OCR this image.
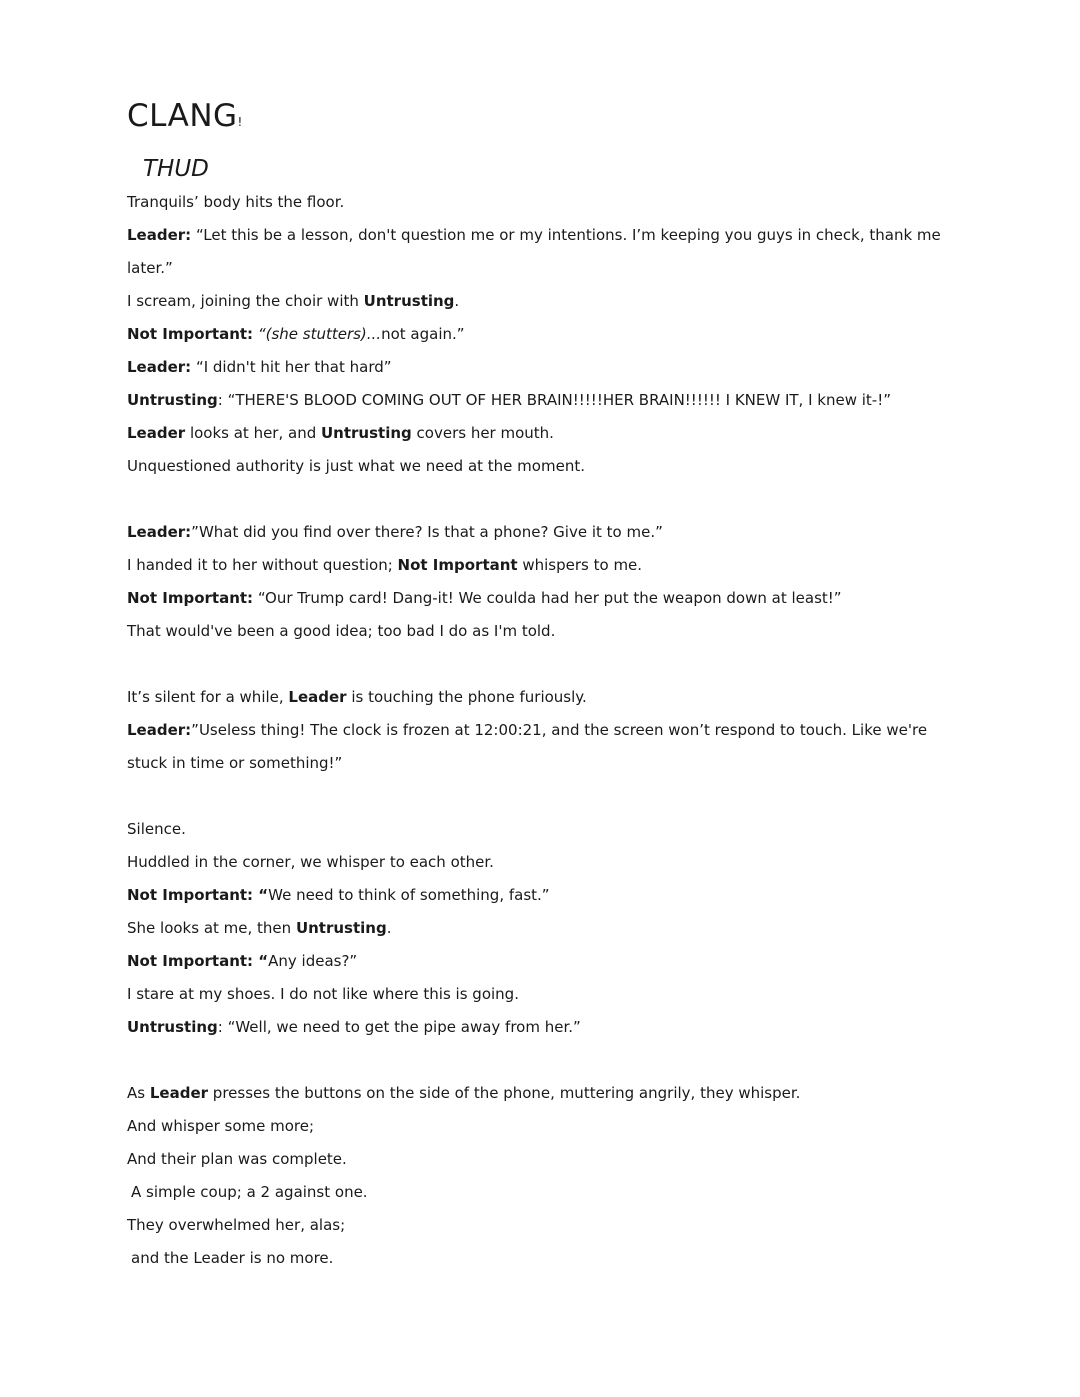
CLANG!
THUD

Tranquils’ body hits the floor.

Leader: “Let this be a lesson, don't question me or my intentions. I’m keeping you guys in check, thank me later.”

I scream, joining the choir with Untrusting.

Not Important: “(she stutters)...not again.”

Leader: “I didn't hit her that hard”

Untrusting: “THERE'S BLOOD COMING OUT OF HER BRAIN!!!!!HER BRAIN!!!!!! I KNEW IT, I knew it-!”

Leader looks at her, and Untrusting covers her mouth.

Unquestioned authority is just what we need at the moment.

Leader:”What did you find over there? Is that a phone? Give it to me.”

I handed it to her without question; Not Important whispers to me.

Not Important: “Our Trump card! Dang-it! We coulda had her put the weapon down at least!”

That would've been a good idea; too bad I do as I'm told.

It’s silent for a while, Leader is touching the phone furiously.

Leader:”Useless thing! The clock is frozen at 12:00:21, and the screen won’t respond to touch. Like we're stuck in time or something!”

Silence.

Huddled in the corner, we whisper to each other.

Not Important: “We need to think of something, fast.”

She looks at me, then Untrusting.

Not Important: “Any ideas?”

I stare at my shoes. I do not like where this is going.

Untrusting: “Well, we need to get the pipe away from her.”

As Leader presses the buttons on the side of the phone, muttering angrily, they whisper.

And whisper some more;

And their plan was complete.

A simple coup; a 2 against one.

They overwhelmed her, alas;

and the Leader is no more.
